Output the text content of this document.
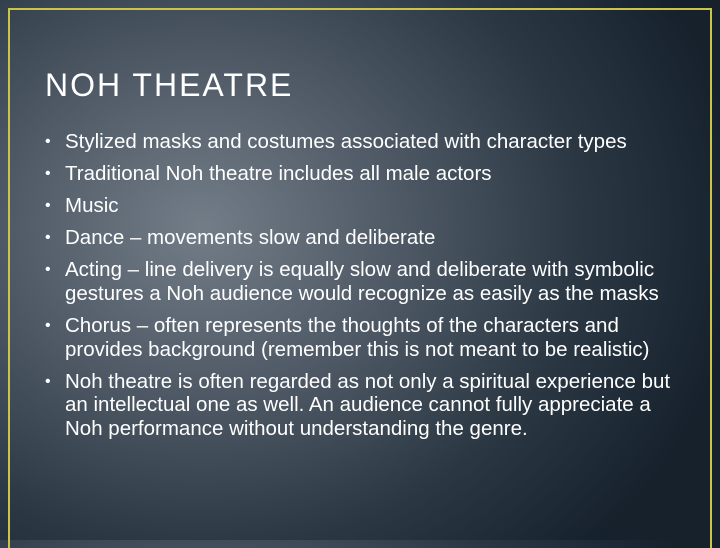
NOH THEATRE
• Stylized masks and costumes associated with character types
• Traditional Noh theatre includes all male actors
• Music
• Dance – movements slow and deliberate
• Acting – line delivery is equally slow and deliberate with symbolic gestures a Noh audience would recognize as easily as the masks
• Chorus – often represents the thoughts of the characters and provides background (remember this is not meant to be realistic)
• Noh theatre is often regarded as not only a spiritual experience but an intellectual one as well. An audience cannot fully appreciate a Noh performance without understanding the genre.
